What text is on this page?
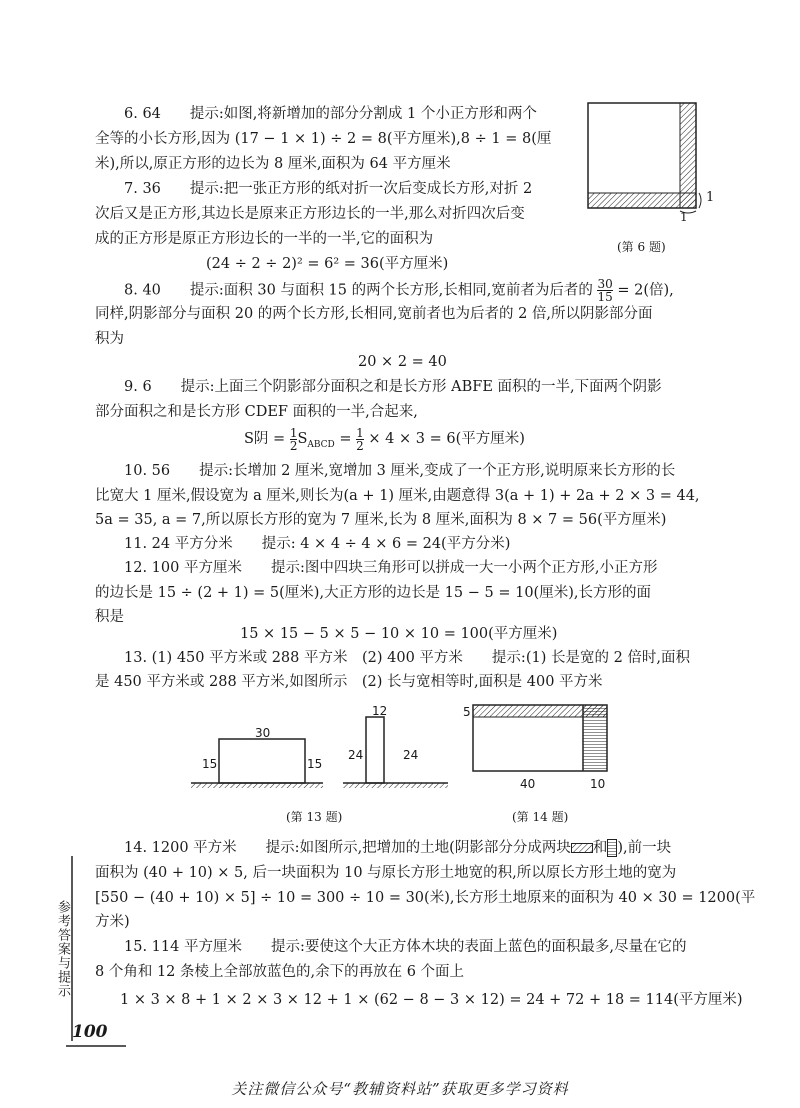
6. 64　　提示:如图,将新增加的部分分割成 1 个小正方形和两个
全等的小长方形,因为 (17 − 1 × 1) ÷ 2 = 8(平方厘米),8 ÷ 1 = 8(厘
米),所以,原正方形的边长为 8 厘米,面积为 64 平方厘米
7. 36　　提示:把一张正方形的纸对折一次后变成长方形,对折 2
次后又是正方形,其边长是原来正方形边长的一半,那么对折四次后变
成的正方形是原正方形边长的一半的一半,它的面积为
(24 ÷ 2 ÷ 2)² = 6² = 36(平方厘米)
1
1
(第 6 题)
8. 40　　提示:面积 30 与面积 15 的两个长方形,长相同,宽前者为后者的 $\frac{30}{15} = 2$(倍),
同样,阴影部分与面积 20 的两个长方形,长相同,宽前者也为后者的 2 倍,所以阴影部分面
积为
20 × 2 = 40
9. 6　　提示:上面三个阴影部分面积之和是长方形 ABFE 面积的一半,下面两个阴影
部分面积之和是长方形 CDEF 面积的一半,合起来,
S阴 = $\frac{1}{2} S_{ABCD} = \frac{1}{2} \times 4 \times 3 = 6$(平方厘米)
10. 56　　提示:长增加 2 厘米,宽增加 3 厘米,变成了一个正方形,说明原来长方形的长
比宽大 1 厘米,假设宽为 a 厘米,则长为(a + 1) 厘米,由题意得 3(a + 1) + 2a + 2 × 3 = 44,
5a = 35, a = 7,所以原长方形的宽为 7 厘米,长为 8 厘米,面积为 8 × 7 = 56(平方厘米)
11. 24 平方分米　　提示: 4 × 4 ÷ 4 × 6 = 24(平方分米)
12. 100 平方厘米　　提示:图中四块三角形可以拼成一大一小两个正方形,小正方形
的边长是 15 ÷ (2 + 1) = 5(厘米),大正方形的边长是 15 − 5 = 10(厘米),长方形的面
积是
15 × 15 − 5 × 5 − 10 × 10 = 100(平方厘米)
13. (1) 450 平方米或 288 平方米　(2) 400 平方米　　提示:(1) 长是宽的 2 倍时,面积
是 450 平方米或 288 平方米,如图所示　(2) 长与宽相等时,面积是 400 平方米
30
15	15
12
24	24
(第 13 题)
5
40	10
(第 14 题)
14. 1200 平方米　　提示:如图所示,把增加的土地(阴影部分分成两块 和 ),前一块
面积为 (40 + 10) × 5, 后一块面积为 10 与原长方形土地宽的积,所以原长方形土地的宽为
[550 − (40 + 10) × 5] ÷ 10 = 300 ÷ 10 = 30(米),长方形土地原来的面积为 40 × 30 = 1200(平
方米)
15. 114 平方厘米　　提示:要使这个大正方体木块的表面上蓝色的面积最多,尽量在它的
8 个角和 12 条棱上全部放蓝色的,余下的再放在 6 个面上
1 × 3 × 8 + 1 × 2 × 3 × 12 + 1 × (62 − 8 − 3 × 12) = 24 + 72 + 18 = 114(平方厘米)
参考答案与提示
100
关注微信公众号“教辅资料站”获取更多学习资料
